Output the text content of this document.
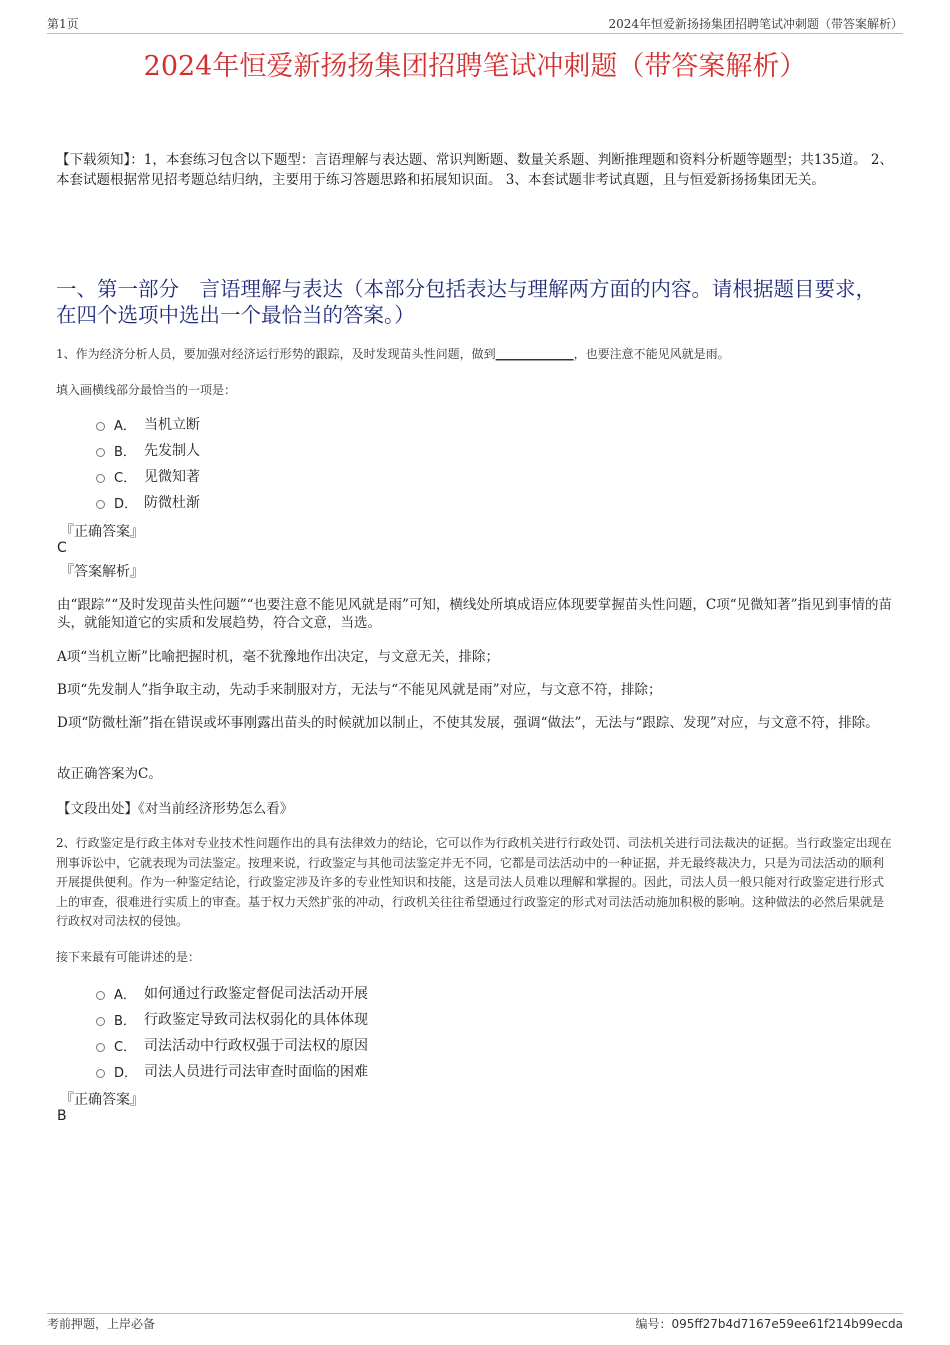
第1页	2024年恒爱新扬扬集团招聘笔试冲刺题（带答案解析）
2024年恒爱新扬扬集团招聘笔试冲刺题（带答案解析）
【下载须知】：1，本套练习包含以下题型：言语理解与表达题、常识判断题、数量关系题、判断推理题和资料分析题等题型；共135道。 2、本套试题根据常见招考题总结归纳，主要用于练习答题思路和拓展知识面。 3、本套试题非考试真题，且与恒爱新扬扬集团无关。
一、第一部分　言语理解与表达（本部分包括表达与理解两方面的内容。请根据题目要求，在四个选项中选出一个最恰当的答案。）
1、作为经济分析人员，要加强对经济运行形势的跟踪，及时发现苗头性问题，做到_____________，也要注意不能见风就是雨。
填入画横线部分最恰当的一项是：
A． 当机立断
B． 先发制人
C． 见微知著
D． 防微杜渐
『正确答案』
C
『答案解析』
由“跟踪”“及时发现苗头性问题”“也要注意不能见风就是雨”可知，横线处所填成语应体现要掌握苗头性问题，C项“见微知著”指见到事情的苗头，就能知道它的实质和发展趋势，符合文意，当选。
A项“当机立断”比喻把握时机，毫不犹豫地作出决定，与文意无关，排除；
B项“先发制人”指争取主动，先动手来制服对方，无法与“不能见风就是雨”对应，与文意不符，排除；
D项“防微杜渐”指在错误或坏事刚露出苗头的时候就加以制止，不使其发展，强调“做法”，无法与“跟踪、发现”对应，与文意不符，排除。
故正确答案为C。
【文段出处】《对当前经济形势怎么看》
2、行政鉴定是行政主体对专业技术性问题作出的具有法律效力的结论，它可以作为行政机关进行行政处罚、司法机关进行司法裁决的证据。当行政鉴定出现在刑事诉讼中，它就表现为司法鉴定。按理来说，行政鉴定与其他司法鉴定并无不同，它都是司法活动中的一种证据，并无最终裁决力，只是为司法活动的顺利开展提供便利。作为一种鉴定结论，行政鉴定涉及许多的专业性知识和技能，这是司法人员难以理解和掌握的。因此，司法人员一般只能对行政鉴定进行形式上的审查，很难进行实质上的审查。基于权力天然扩张的冲动，行政机关往往希望通过行政鉴定的形式对司法活动施加积极的影响。这种做法的必然后果就是行政权对司法权的侵蚀。
接下来最有可能讲述的是：
A． 如何通过行政鉴定督促司法活动开展
B． 行政鉴定导致司法权弱化的具体体现
C． 司法活动中行政权强于司法权的原因
D． 司法人员进行司法审查时面临的困难
『正确答案』
B
考前押题，上岸必备	编号：095ff27b4d7167e59ee61f214b99ecda
